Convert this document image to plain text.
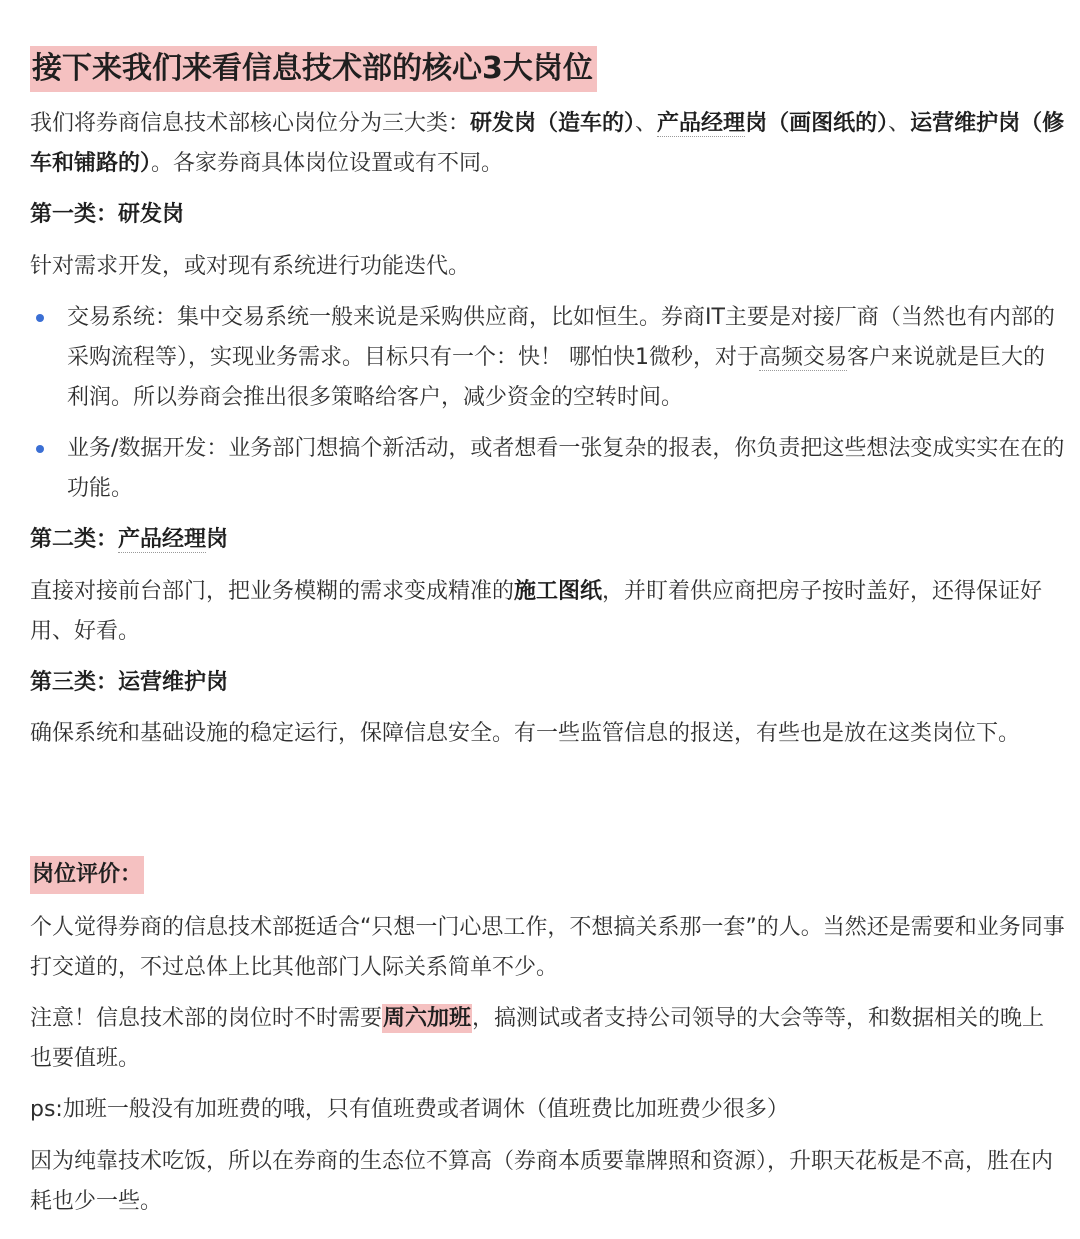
接下来我们来看信息技术部的核心3大岗位
我们将券商信息技术部核心岗位分为三大类：研发岗（造车的）、产品经理岗（画图纸的）、运营维护岗（修车和铺路的）。各家券商具体岗位设置或有不同。
第一类：研发岗
针对需求开发，或对现有系统进行功能迭代。
交易系统：集中交易系统一般来说是采购供应商，比如恒生。券商IT主要是对接厂商（当然也有内部的采购流程等），实现业务需求。目标只有一个：快！ 哪怕快1微秒，对于高频交易客户来说就是巨大的利润。所以券商会推出很多策略给客户，减少资金的空转时间。
业务/数据开发：业务部门想搞个新活动，或者想看一张复杂的报表，你负责把这些想法变成实实在在的功能。
第二类：产品经理岗
直接对接前台部门，把业务模糊的需求变成精准的施工图纸，并盯着供应商把房子按时盖好，还得保证好用、好看。
第三类：运营维护岗
确保系统和基础设施的稳定运行，保障信息安全。有一些监管信息的报送，有些也是放在这类岗位下。
岗位评价：
个人觉得券商的信息技术部挺适合“只想一门心思工作，不想搞关系那一套”的人。当然还是需要和业务同事打交道的，不过总体上比其他部门人际关系简单不少。
注意！信息技术部的岗位时不时需要周六加班，搞测试或者支持公司领导的大会等等，和数据相关的晚上也要值班。
ps:加班一般没有加班费的哦，只有值班费或者调休（值班费比加班费少很多）
因为纯靠技术吃饭，所以在券商的生态位不算高（券商本质要靠牌照和资源），升职天花板是不高，胜在内耗也少一些。
